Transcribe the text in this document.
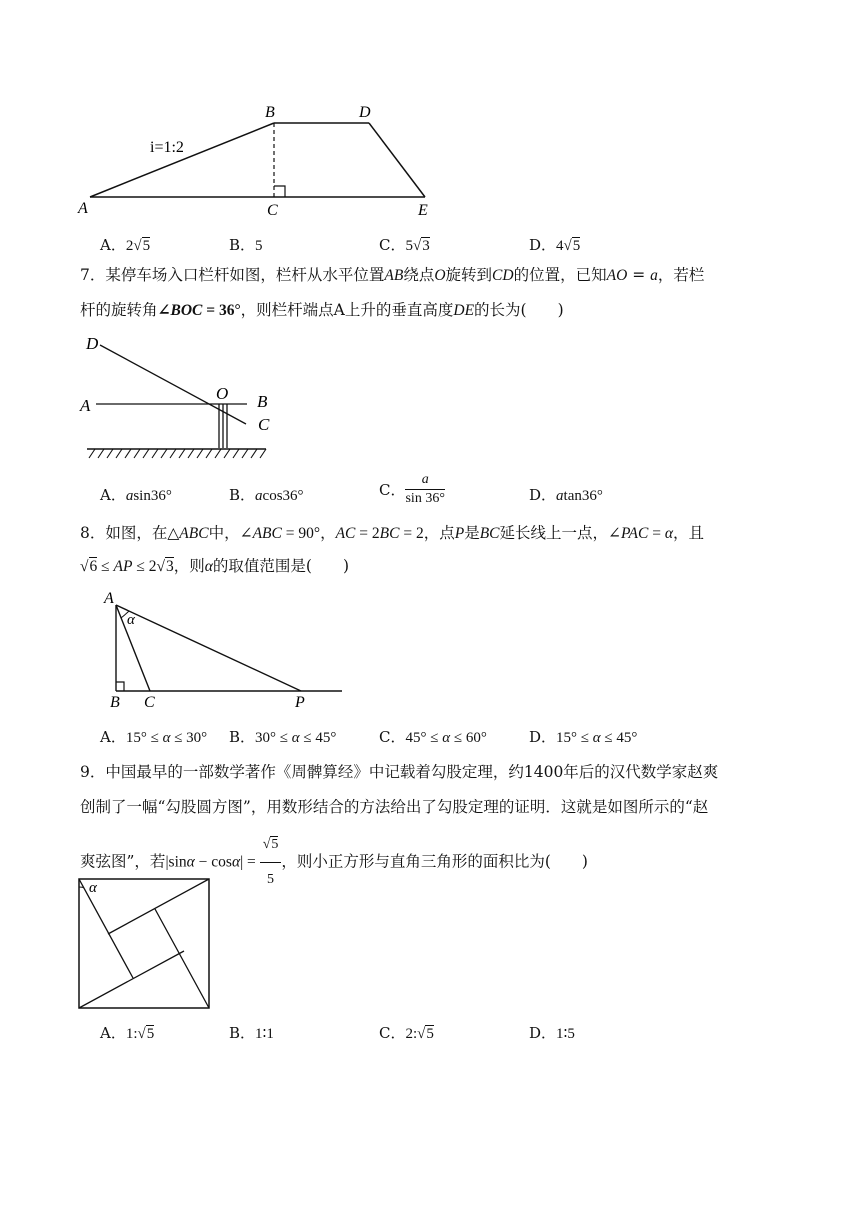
A
B
C
D
E
i=1:2
A．2√5	B．5	C．5√3	D．4√5
7．某停车场入口栏杆如图，栏杆从水平位置AB绕点O旋转到CD的位置，已知AO = a，若栏
杆的旋转角∠BOC = 36°，则栏杆端点A上升的垂直高度DE的长为(　　)
D
A
O B
C
A．asin36°	B．acos36°	C． $\frac{a}{\sin 36^\circ}$	D．atan36°
8．如图，在△ABC中，∠ABC = 90°，AC = 2BC = 2，点P是BC延长线上一点，∠PAC = α，且
√6 ≤ AP ≤ 2√3，则α的取值范围是(　　)
A
B C	P
α
A．15° ≤ α ≤ 30° B．30° ≤ α ≤ 45°	C．45° ≤ α ≤ 60°	D．15° ≤ α ≤ 45°
9．中国最早的一部数学著作《周髀算经》中记载着勾股定理，约1400年后的汉代数学家赵爽
创制了一幅“勾股圆方图”，用数形结合的方法给出了勾股定理的证明．这就是如图所示的“赵
爽弦图”，若$|\sin\alpha - \cos\alpha| = \frac{√5}{5}$ ，则小正方形与直角三角形的面积比为(　　)
α
A．1:√5	B．1∶1	C．2:√5	D．1∶5
